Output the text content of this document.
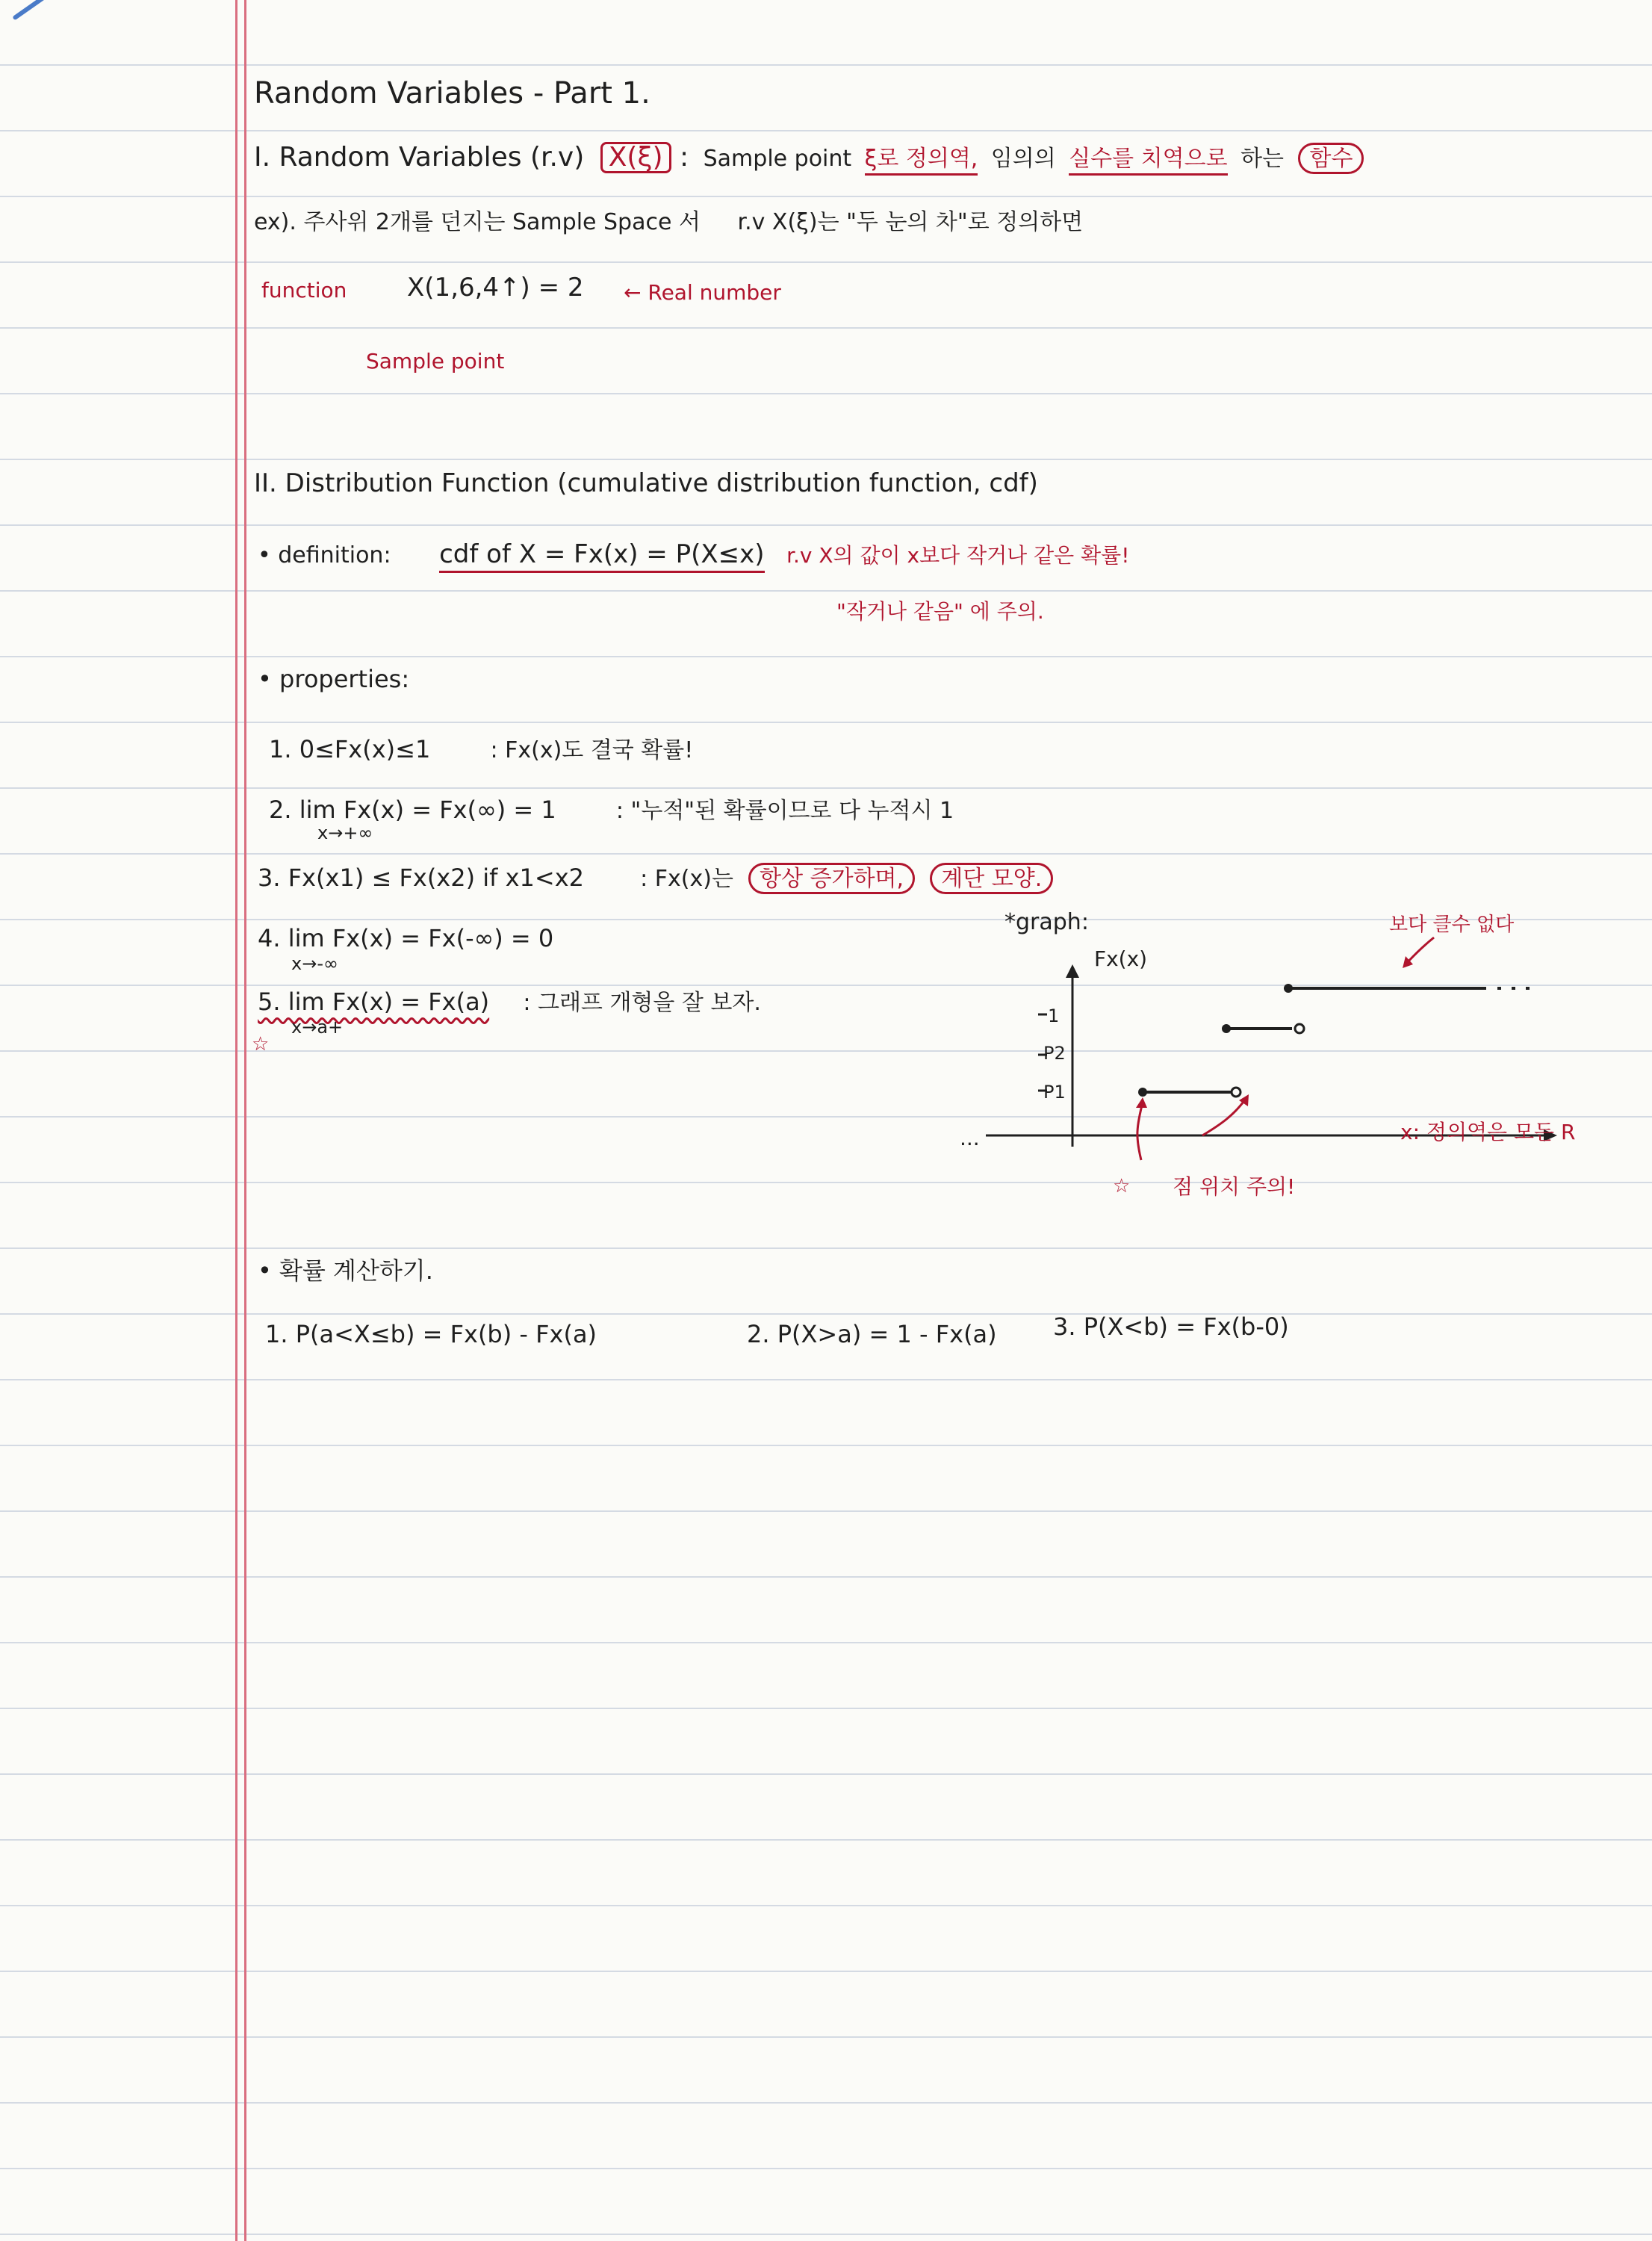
Random Variables - Part 1.
I. Random Variables (r.v) X(ξ) : Sample point ξ로 정의역, 임의의 실수를 치역으로 하는 함수
ex). 주사위 2개를 던지는 Sample Space 서 r.v X(ξ)는 "두 눈의 차"로 정의하면
function X(1,6,4↑) = 2 ← Real number
Sample point
II. Distribution Function (cumulative distribution function, cdf)
• definition: cdf of X = Fx(x) = P(X≤x) r.v X의 값이 x보다 작거나 같은 확률!
"작거나 같음" 에 주의.
• properties:
1. 0≤Fx(x)≤1	: Fx(x)도 결국 확률!
2. lim Fx(x) = Fx(∞) = 1	: "누적"된 확률이므로 다 누적시 1
x→+∞
3. Fx(x1) ≤ Fx(x2) if x1<x2	: Fx(x)는 항상 증가하며, 계단 모양.
4. lim Fx(x) = Fx(-∞) = 0
x→-∞
5. lim Fx(x) = Fx(a) : 그래프 개형을 잘 보자.
x→a+
☆
*graph:	보다 클수 없다
Fx(x)
1
P2
P1
...	x: 정의역은 모든 R
☆ 점 위치 주의!
• 확률 계산하기.
1. P(a<X≤b) = Fx(b) - Fx(a)	2. P(X>a) = 1 - Fx(a) 3. P(X<b) = Fx(b-0)
